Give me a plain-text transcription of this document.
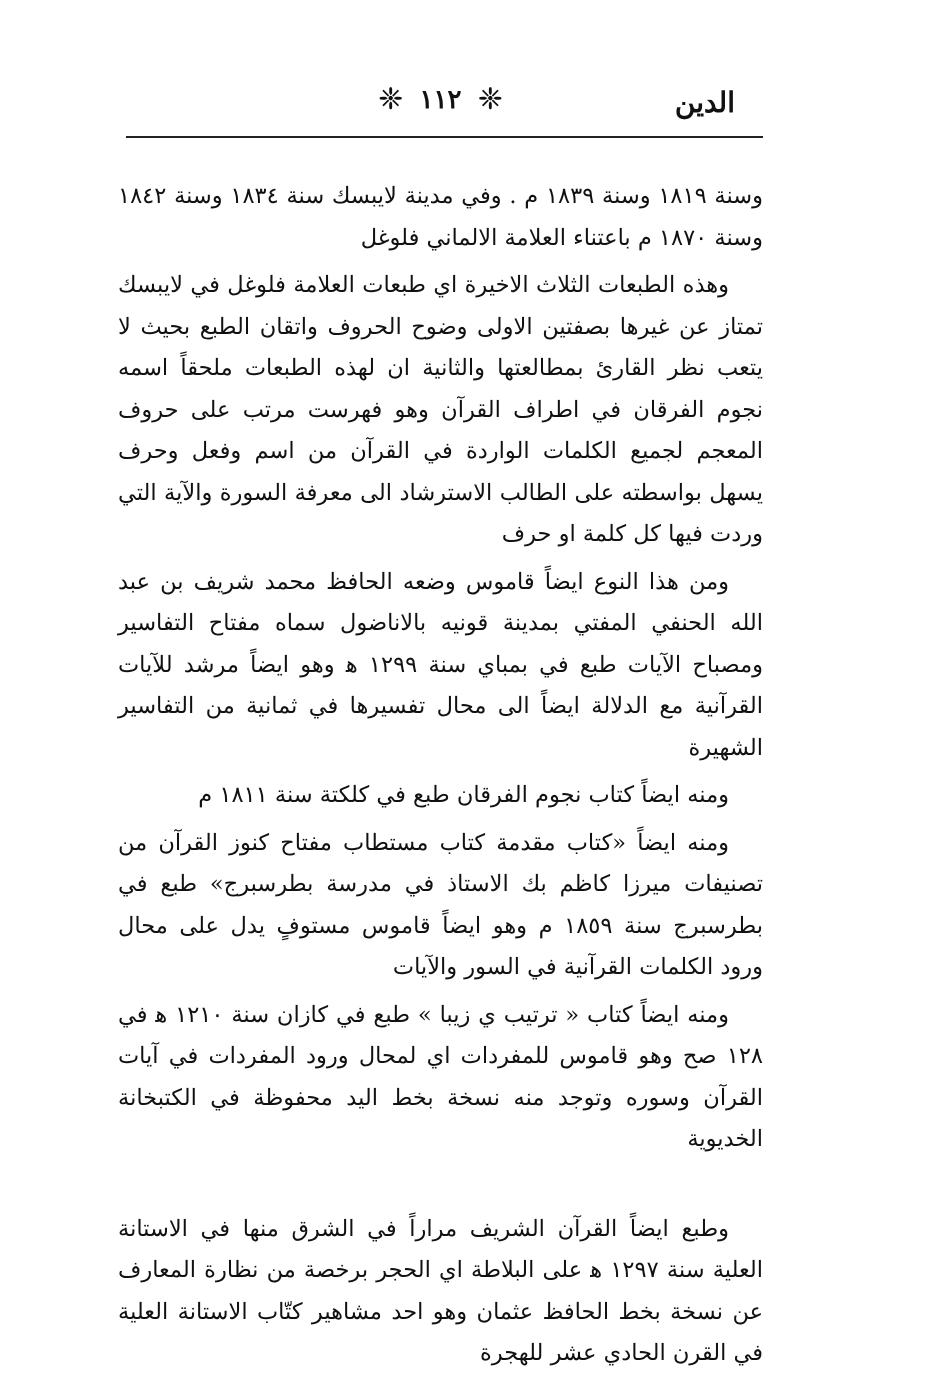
الدين
❈ ١١٢ ❈

وسنة ١٨١٩ وسنة ١٨٣٩ م . وفي مدينة لايبسك سنة ١٨٣٤ وسنة ١٨٤٢ وسنة ١٨٧٠ م باعتناء العلامة الالماني فلوغل

وهذه الطبعات الثلاث الاخيرة اي طبعات العلامة فلوغل في لايبسك تمتاز عن غيرها بصفتين الاولى وضوح الحروف واتقان الطبع بحيث لا يتعب نظر القارئ بمطالعتها والثانية ان لهذه الطبعات ملحقاً اسمه نجوم الفرقان في اطراف القرآن وهو فهرست مرتب على حروف المعجم لجميع الكلمات الواردة في القرآن من اسم وفعل وحرف يسهل بواسطته على الطالب الاسترشاد الى معرفة السورة والآية التي وردت فيها كل كلمة او حرف

ومن هذا النوع ايضاً قاموس وضعه الحافظ محمد شريف بن عبد الله الحنفي المفتي بمدينة قونيه بالاناضول سماه مفتاح التفاسير ومصباح الآيات طبع في بمباي سنة ١٢٩٩ ﻫ وهو ايضاً مرشد للآيات القرآنية مع الدلالة ايضاً الى محال تفسيرها في ثمانية من التفاسير الشهيرة

ومنه ايضاً كتاب نجوم الفرقان طبع في كلكتة سنة ١٨١١ م

ومنه ايضاً «كتاب مقدمة كتاب مستطاب مفتاح كنوز القرآن من تصنيفات ميرزا كاظم بك الاستاذ في مدرسة بطرسبرج» طبع في بطرسبرج سنة ١٨٥٩ م وهو ايضاً قاموس مستوفٍ يدل على محال ورود الكلمات القرآنية في السور والآيات

ومنه ايضاً كتاب « ترتيب ي زيبا » طبع في كازان سنة ١٢١٠ ﻫ في ١٢٨ صح وهو قاموس للمفردات اي لمحال ورود المفردات في آيات القرآن وسوره وتوجد منه نسخة بخط اليد محفوظة في الكتبخانة الخديوية

وطبع ايضاً القرآن الشريف مراراً في الشرق منها في الاستانة العلية سنة ١٢٩٧ ﻫ على البلاطة اي الحجر برخصة من نظارة المعارف عن نسخة بخط الحافظ عثمان وهو احد مشاهير كتّاب الاستانة العلية في القرن الحادي عشر للهجرة
